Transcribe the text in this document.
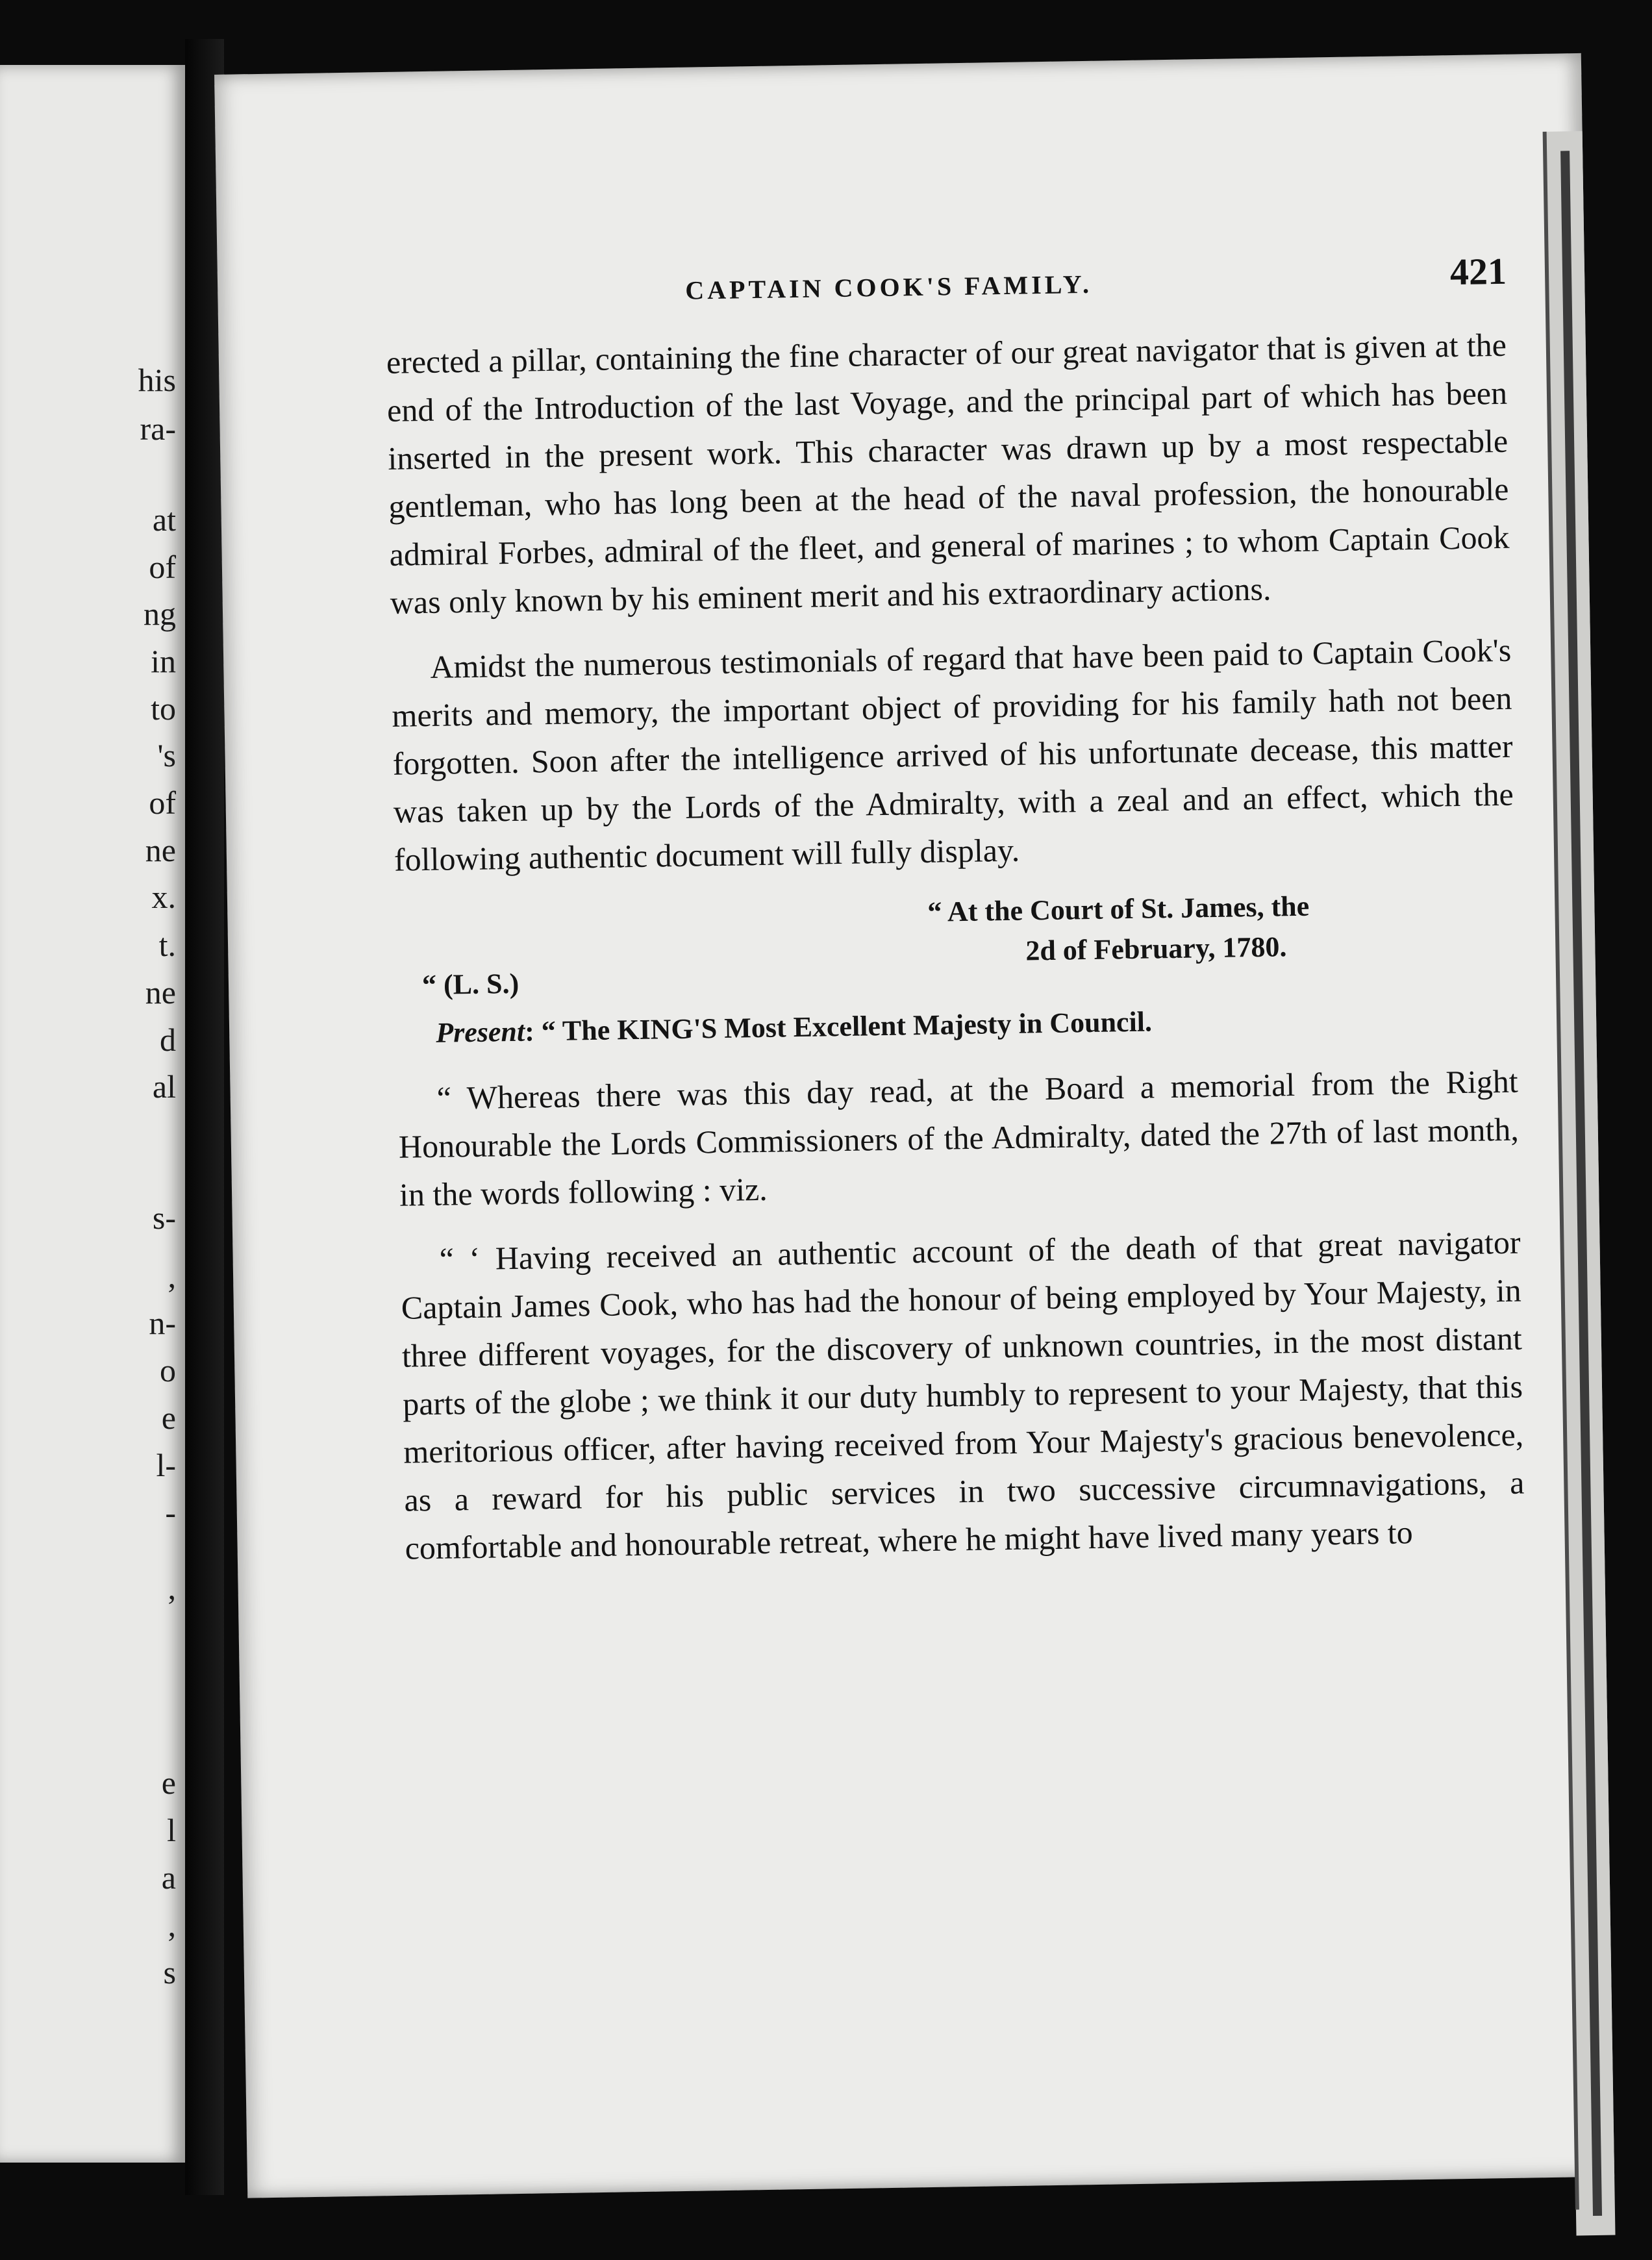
his
ra-
at
of
ng
in
to
's
of
ne
x.
t.
ne
d
al
s-
,
n-
o
e
l-
-
,
e
l
a
,
s
CAPTAIN COOK'S FAMILY.	421

erected a pillar, containing the fine character of our great navigator that is given at the end of the Introduction of the last Voyage, and the principal part of which has been inserted in the present work. This character was drawn up by a most respectable gentleman, who has long been at the head of the naval profession, the honourable admiral Forbes, admiral of the fleet, and general of marines ; to whom Captain Cook was only known by his eminent merit and his extraordinary actions.

Amidst the numerous testimonials of regard that have been paid to Captain Cook's merits and memory, the important object of providing for his family hath not been forgotten. Soon after the intelligence arrived of his unfortunate decease, this matter was taken up by the Lords of the Admiralty, with a zeal and an effect, which the following authentic document will fully display.

“ At the Court of St. James, the
2d of February, 1780.

“ (L. S.)

Present: “ The KING'S Most Excellent Majesty in Council.

“ Whereas there was this day read, at the Board a memorial from the Right Honourable the Lords Commissioners of the Admiralty, dated the 27th of last month, in the words following : viz.

“ ‘ Having received an authentic account of the death of that great navigator Captain James Cook, who has had the honour of being employed by Your Majesty, in three different voyages, for the discovery of unknown countries, in the most distant parts of the globe ; we think it our duty humbly to represent to your Majesty, that this meritorious officer, after having received from Your Majesty's gracious benevolence, as a reward for his public services in two successive circumnavigations, a comfortable and honourable retreat, where he might have lived many years to
